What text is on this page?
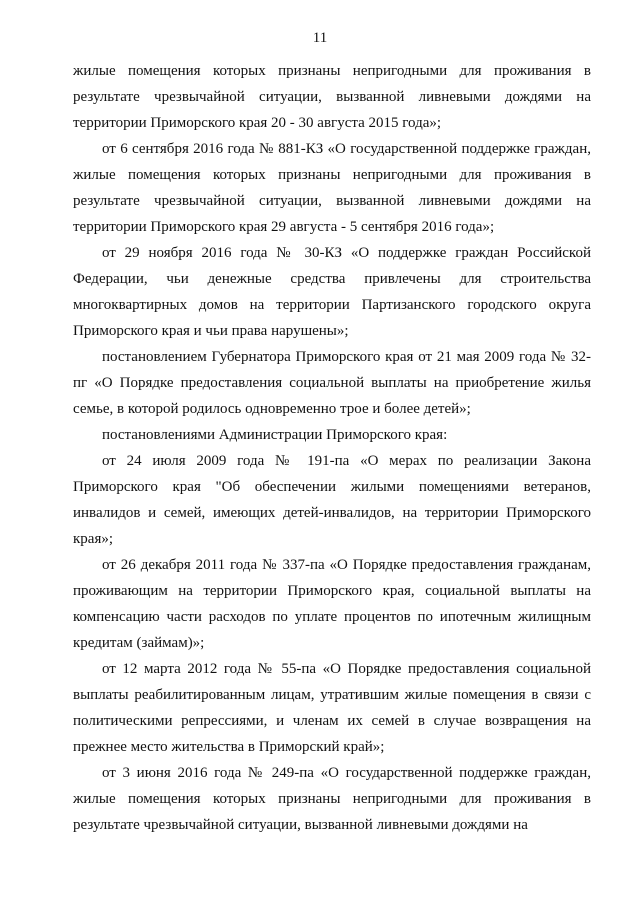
11

жилые помещения которых признаны непригодными для проживания в результате чрезвычайной ситуации, вызванной ливневыми дождями на территории Приморского края 20 - 30 августа 2015 года»;

от 6 сентября 2016 года № 881-КЗ «О государственной поддержке граждан, жилые помещения которых признаны непригодными для проживания в результате чрезвычайной ситуации, вызванной ливневыми дождями на территории Приморского края 29 августа - 5 сентября 2016 года»;

от 29 ноября 2016 года № 30-КЗ «О поддержке граждан Российской Федерации, чьи денежные средства привлечены для строительства многоквартирных домов на территории Партизанского городского округа Приморского края и чьи права нарушены»;

постановлением Губернатора Приморского края от 21 мая 2009 года № 32-пг «О Порядке предоставления социальной выплаты на приобретение жилья семье, в которой родилось одновременно трое и более детей»;

постановлениями Администрации Приморского края:

от 24 июля 2009 года № 191-па «О мерах по реализации Закона Приморского края "Об обеспечении жилыми помещениями ветеранов, инвалидов и семей, имеющих детей-инвалидов, на территории Приморского края»;

от 26 декабря 2011 года № 337-па «О Порядке предоставления гражданам, проживающим на территории Приморского края, социальной выплаты на компенсацию части расходов по уплате процентов по ипотечным жилищным кредитам (займам)»;

от 12 марта 2012 года № 55-па «О Порядке предоставления социальной выплаты реабилитированным лицам, утратившим жилые помещения в связи с политическими репрессиями, и членам их семей в случае возвращения на прежнее место жительства в Приморский край»;

от 3 июня 2016 года № 249-па «О государственной поддержке граждан, жилые помещения которых признаны непригодными для проживания в результате чрезвычайной ситуации, вызванной ливневыми дождями на
